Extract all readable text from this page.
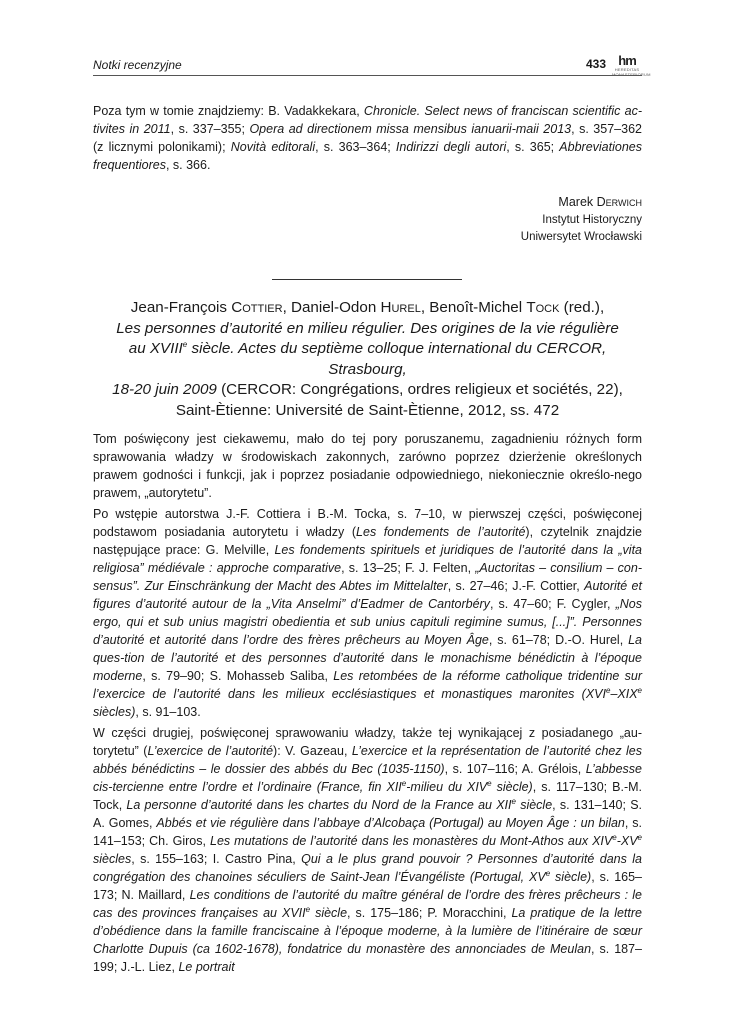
Notki recenzyjne	433 hm
HEREDITAS MONASTERIORUM

Poza tym w tomie znajdziemy: B. Vadakkekara, Chronicle. Select news of franciscan scientific ac-tivites in 2011, s. 337–355; Opera ad directionem missa mensibus ianuarii-maii 2013, s. 357–362 (z licznymi polonikami); Novità editorali, s. 363–364; Indirizzi degli autori, s. 365; Abbreviationes frequentiores, s. 366.

Marek Derwich
Instytut Historyczny
Uniwersytet Wrocławski
Jean-François Cottier, Daniel-Odon Hurel, Benoît-Michel Tock (red.),
Les personnes d’autorité en milieu régulier. Des origines de la vie régulière
au XVIIIe siècle. Actes du septième colloque international du CERCOR, Strasbourg,
18-20 juin 2009 (CERCOR: Congrégations, ordres religieux et sociétés, 22),
Saint-Ètienne: Université de Saint-Ètienne, 2012, ss. 472

Tom poświęcony jest ciekawemu, mało do tej pory poruszanemu, zagadnieniu różnych form sprawowania władzy w środowiskach zakonnych, zarówno poprzez dzierżenie określonych prawem godności i funkcji, jak i poprzez posiadanie odpowiedniego, niekoniecznie określo-nego prawem, „autorytetu”.

Po wstępie autorstwa J.-F. Cottiera i B.-M. Tocka, s. 7–10, w pierwszej części, poświęconej podstawom posiadania autorytetu i władzy (Les fondements de l’autorité), czytelnik znajdzie następujące prace: G. Melville, Les fondements spirituels et juridiques de l’autorité dans la „vita religiosa” médiévale : approche comparative, s. 13–25; F. J. Felten, „Auctoritas – consilium – con-sensus”. Zur Einschränkung der Macht des Abtes im Mittelalter, s. 27–46; J.-F. Cottier, Autorité et figures d’autorité autour de la „Vita Anselmi” d’Eadmer de Cantorbéry, s. 47–60; F. Cygler, „Nos ergo, qui et sub unius magistri obedientia et sub unius capituli regimine sumus, [...]”. Personnes d’autorité et autorité dans l’ordre des frères prêcheurs au Moyen Âge, s. 61–78; D.-O. Hurel, La ques-tion de l’autorité et des personnes d’autorité dans le monachisme bénédictin à l’époque moderne, s. 79–90; S. Mohasseb Saliba, Les retombées de la réforme catholique tridentine sur l’exercice de l’autorité dans les milieux ecclésiastiques et monastiques maronites (XVIe–XIXe siècles), s. 91–103.

W części drugiej, poświęconej sprawowaniu władzy, także tej wynikającej z posiadanego „au-torytetu” (L’exercice de l’autorité): V. Gazeau, L’exercice et la représentation de l’autorité chez les abbés bénédictins – le dossier des abbés du Bec (1035-1150), s. 107–116; A. Grélois, L’abbesse cis-tercienne entre l’ordre et l’ordinaire (France, fin XIIe-milieu du XIVe siècle), s. 117–130; B.-M. Tock, La personne d’autorité dans les chartes du Nord de la France au XIIe siècle, s. 131–140; S. A. Gomes, Abbés et vie régulière dans l’abbaye d’Alcobaça (Portugal) au Moyen Âge : un bilan, s. 141–153; Ch. Giros, Les mutations de l’autorité dans les monastères du Mont-Athos aux XIVe-XVe siècles, s. 155–163; I. Castro Pina, Qui a le plus grand pouvoir ? Personnes d’autorité dans la congrégation des chanoines séculiers de Saint-Jean l’Évangéliste (Portugal, XVe siècle), s. 165–173; N. Maillard, Les conditions de l’autorité du maître général de l’ordre des frères prêcheurs : le cas des provinces françaises au XVIIe siècle, s. 175–186; P. Moracchini, La pratique de la lettre d’obédience dans la famille franciscaine à l’époque moderne, à la lumière de l’itinéraire de sœur Charlotte Dupuis (ca 1602-1678), fondatrice du monastère des annonciades de Meulan, s. 187–199; J.-L. Liez, Le portrait
